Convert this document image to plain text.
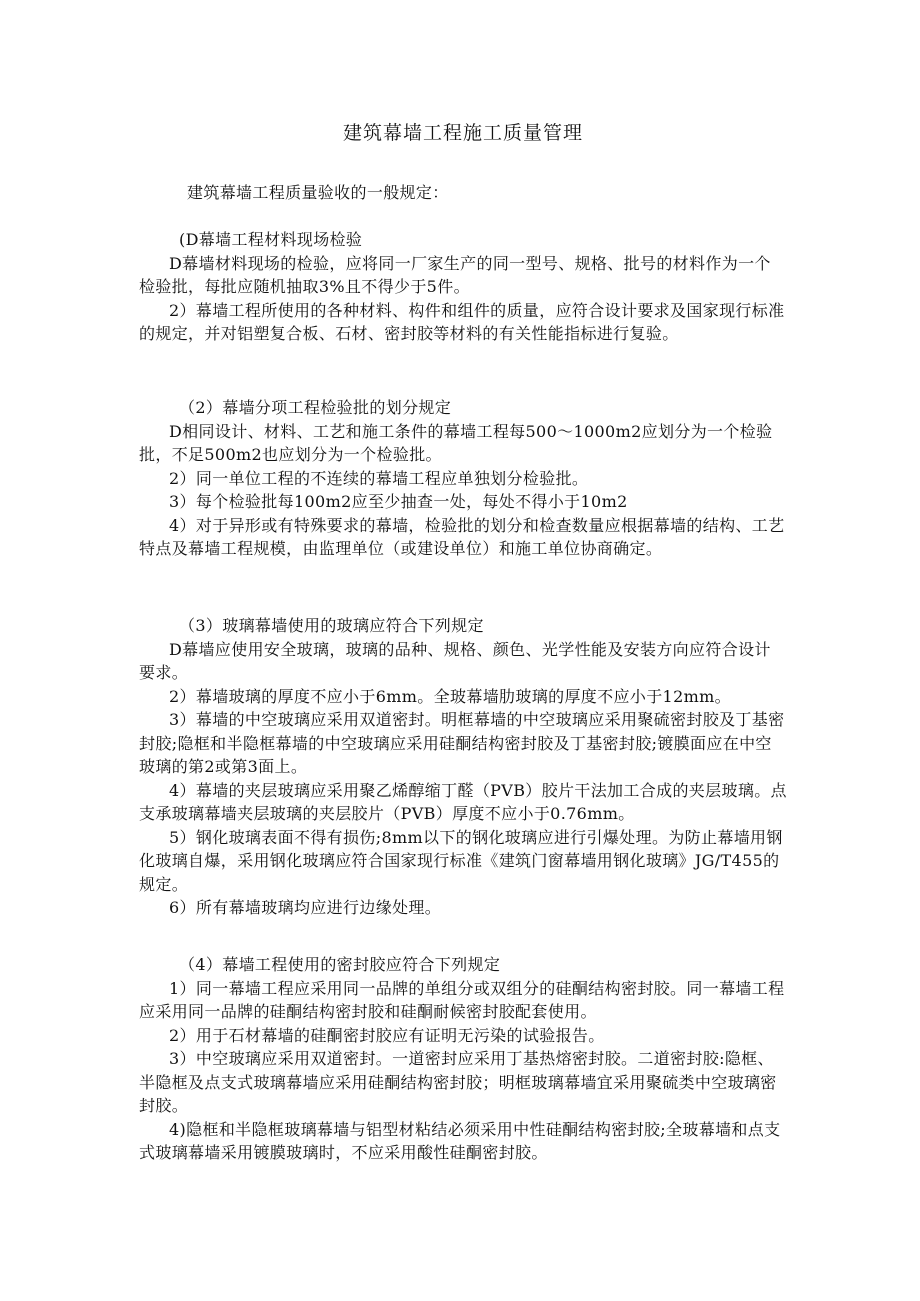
建筑幕墙工程施工质量管理

建筑幕墙工程质量验收的一般规定：

(D幕墙工程材料现场检验

D幕墙材料现场的检验，应将同一厂家生产的同一型号、规格、批号的材料作为一个检验批，每批应随机抽取3%且不得少于5件。

2）幕墙工程所使用的各种材料、构件和组件的质量，应符合设计要求及国家现行标准的规定，并对铝塑复合板、石材、密封胶等材料的有关性能指标进行复验。

（2）幕墙分项工程检验批的划分规定

D相同设计、材料、工艺和施工条件的幕墙工程每500～1000m2应划分为一个检验批，不足500m2也应划分为一个检验批。

2）同一单位工程的不连续的幕墙工程应单独划分检验批。

3）每个检验批每100m2应至少抽查一处，每处不得小于10m2

4）对于异形或有特殊要求的幕墙，检验批的划分和检查数量应根据幕墙的结构、工艺特点及幕墙工程规模，由监理单位（或建设单位）和施工单位协商确定。

（3）玻璃幕墙使用的玻璃应符合下列规定

D幕墙应使用安全玻璃，玻璃的品种、规格、颜色、光学性能及安装方向应符合设计要求。

2）幕墙玻璃的厚度不应小于6mm。全玻幕墙肋玻璃的厚度不应小于12mm。

3）幕墙的中空玻璃应采用双道密封。明框幕墙的中空玻璃应采用聚硫密封胶及丁基密封胶;隐框和半隐框幕墙的中空玻璃应采用硅酮结构密封胶及丁基密封胶;镀膜面应在中空玻璃的第2或第3面上。

4）幕墙的夹层玻璃应采用聚乙烯醇缩丁醛（PVB）胶片干法加工合成的夹层玻璃。点支承玻璃幕墙夹层玻璃的夹层胶片（PVB）厚度不应小于0.76mm。

5）钢化玻璃表面不得有损伤;8mm以下的钢化玻璃应进行引爆处理。为防止幕墙用钢化玻璃自爆，采用钢化玻璃应符合国家现行标准《建筑门窗幕墙用钢化玻璃》JG/T455的规定。

6）所有幕墙玻璃均应进行边缘处理。

（4）幕墙工程使用的密封胶应符合下列规定

1）同一幕墙工程应采用同一品牌的单组分或双组分的硅酮结构密封胶。同一幕墙工程应采用同一品牌的硅酮结构密封胶和硅酮耐候密封胶配套使用。

2）用于石材幕墙的硅酮密封胶应有证明无污染的试验报告。

3）中空玻璃应采用双道密封。一道密封应采用丁基热熔密封胶。二道密封胶:隐框、半隐框及点支式玻璃幕墙应采用硅酮结构密封胶；明框玻璃幕墙宜采用聚硫类中空玻璃密封胶。

4)隐框和半隐框玻璃幕墙与铝型材粘结必须采用中性硅酮结构密封胶;全玻幕墙和点支式玻璃幕墙采用镀膜玻璃时，不应采用酸性硅酮密封胶。
